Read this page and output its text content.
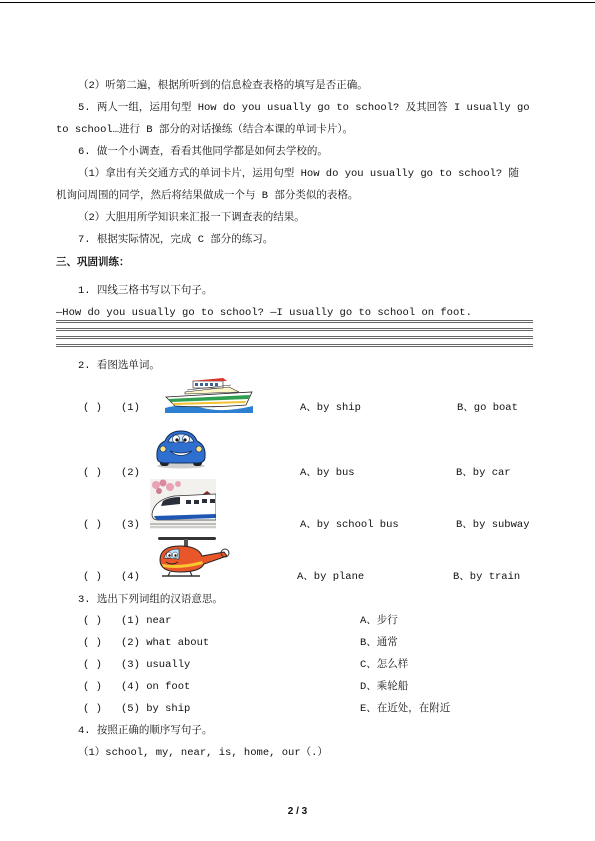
（2）听第二遍，根据所听到的信息检查表格的填写是否正确。
5. 两人一组，运用句型 How do you usually go to school? 及其回答 I usually go
to school…进行 B 部分的对话操练（结合本课的单词卡片）。
6. 做一个小调查，看看其他同学都是如何去学校的。
（1）拿出有关交通方式的单词卡片，运用句型 How do you usually go to school? 随
机询问周围的同学，然后将结果做成一个与 B 部分类似的表格。
（2）大胆用所学知识来汇报一下调查表的结果。
7. 根据实际情况，完成 C 部分的练习。
三、巩固训练：
1. 四线三格书写以下句子。
—How do you usually go to school? —I usually go to school on foot.
2. 看图选单词。
( ) (1)	A、by ship	B、go boat
( ) (2)	A、by bus	B、by car
( ) (3)	A、by school bus	B、by subway
( ) (4)	A、by plane	B、by train
3. 选出下列词组的汉语意思。
( ) (1) near	A、步行
( ) (2) what about	B、通常
( ) (3) usually	C、怎么样
( ) (4) on foot	D、乘轮船
( ) (5) by ship	E、在近处，在附近
4. 按照正确的顺序写句子。
（1）school, my, near, is, home, our（.）
2 / 3
